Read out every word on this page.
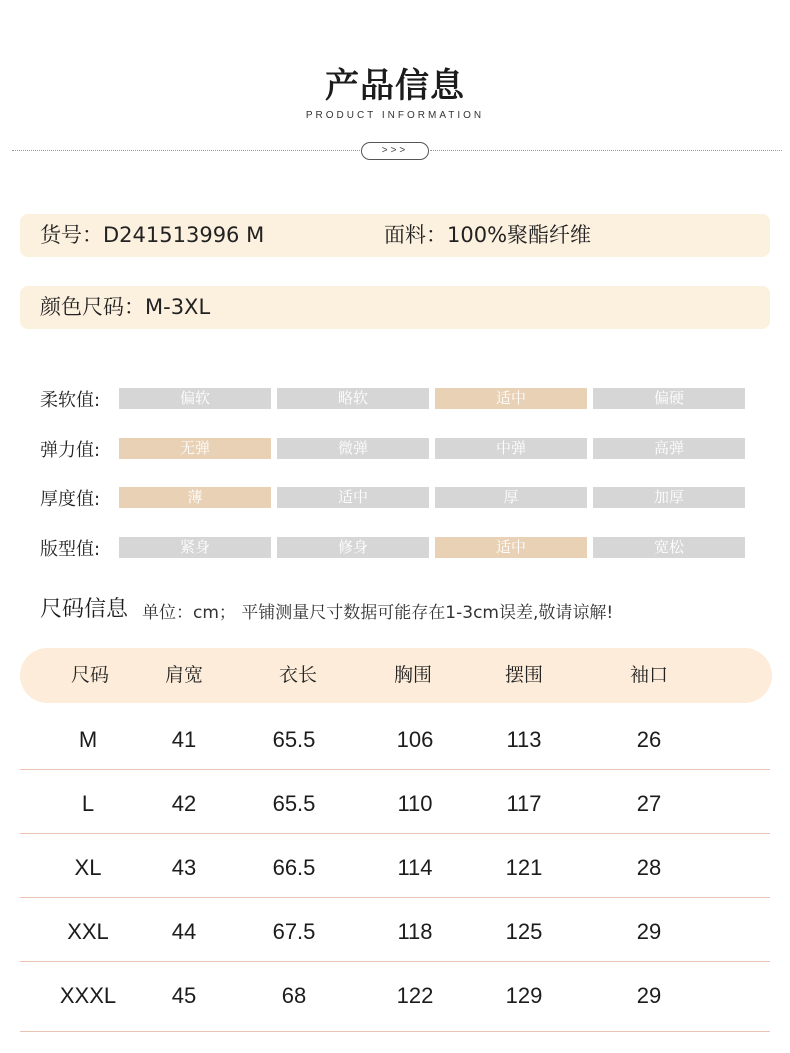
产品信息
PRODUCT INFORMATION
>>>
货号：D241513996 M	面料：100%聚酯纤维
颜色尺码：M-3XL
柔软值:	偏软	略软	适中	偏硬
弹力值:	无弹	微弹	中弹	高弹
厚度值:	薄	适中	厚	加厚
版型值:	紧身	修身	适中	宽松
尺码信息 单位：cm； 平铺测量尺寸数据可能存在1-3cm误差,敬请谅解!
尺码	肩宽	衣长	胸围	摆围	袖口
M	41	65.5	106	113	26
L	42	65.5	110	117	27
XL	43	66.5	114	121	28
XXL	44	67.5	118	125	29
XXXL	45	68	122	129	29
